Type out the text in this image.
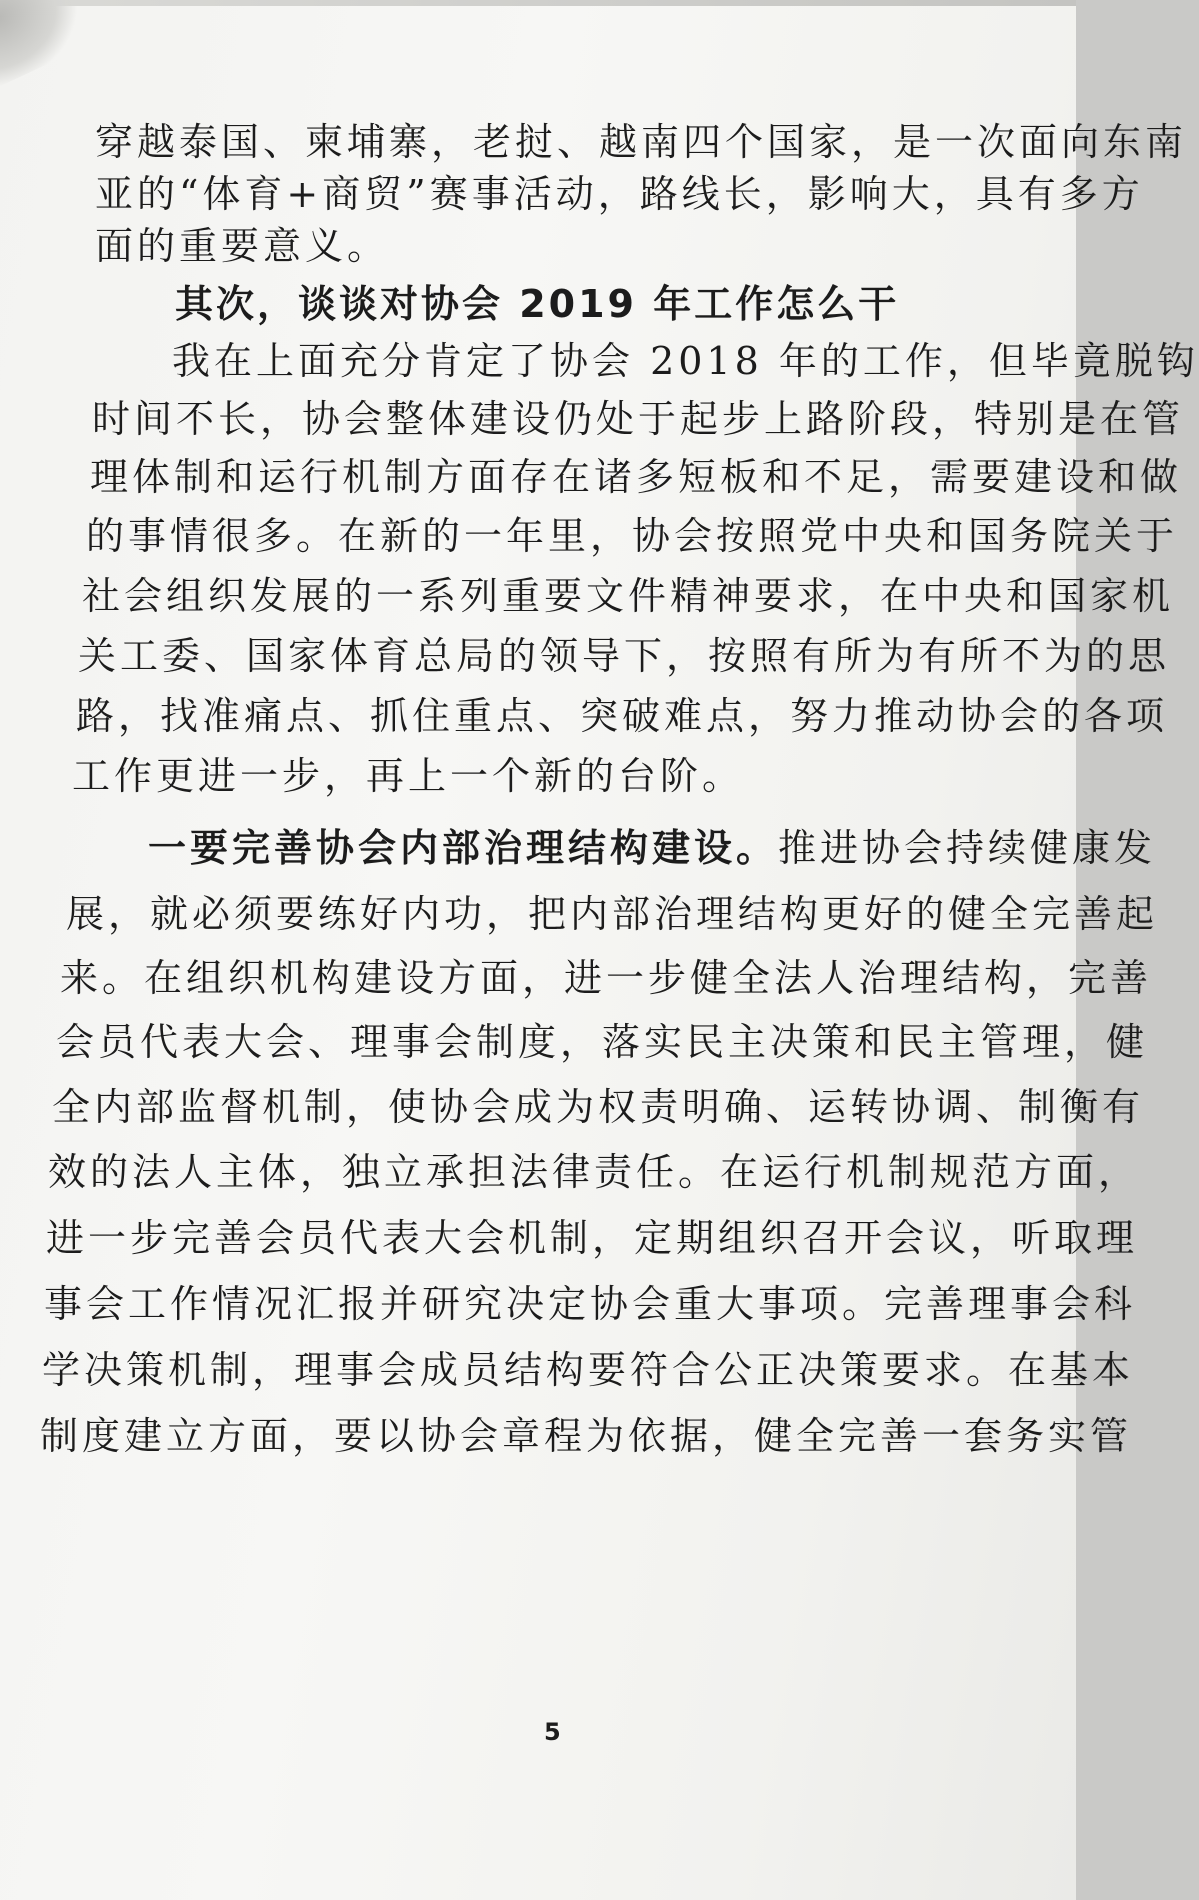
穿越泰国、柬埔寨，老挝、越南四个国家，是一次面向东南
亚的“体育+商贸”赛事活动，路线长，影响大，具有多方
面的重要意义。
其次，谈谈对协会 2019 年工作怎么干
我在上面充分肯定了协会 2018 年的工作，但毕竟脱钩
时间不长，协会整体建设仍处于起步上路阶段，特别是在管
理体制和运行机制方面存在诸多短板和不足，需要建设和做
的事情很多。在新的一年里，协会按照党中央和国务院关于
社会组织发展的一系列重要文件精神要求，在中央和国家机
关工委、国家体育总局的领导下，按照有所为有所不为的思
路，找准痛点、抓住重点、突破难点，努力推动协会的各项
工作更进一步，再上一个新的台阶。
一要完善协会内部治理结构建设。推进协会持续健康发
展，就必须要练好内功，把内部治理结构更好的健全完善起
来。在组织机构建设方面，进一步健全法人治理结构，完善
会员代表大会、理事会制度，落实民主决策和民主管理，健
全内部监督机制，使协会成为权责明确、运转协调、制衡有
效的法人主体，独立承担法律责任。在运行机制规范方面，
进一步完善会员代表大会机制，定期组织召开会议，听取理
事会工作情况汇报并研究决定协会重大事项。完善理事会科
学决策机制，理事会成员结构要符合公正决策要求。在基本
制度建立方面，要以协会章程为依据，健全完善一套务实管
5
